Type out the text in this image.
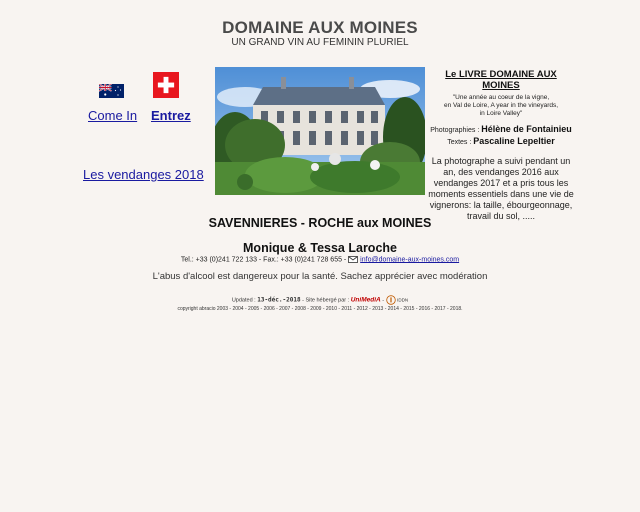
DOMAINE AUX MOINES
UN GRAND VIN AU FEMININ PLURIEL
Come In Entrez
Les vendanges 2018
Le LIVRE DOMAINE AUX MOINES
"Une année au coeur de la vigne,
en Val de Loire, A year in the vineyards,
in Loire Valley"
Photographies : Hélène de Fontainieu
Textes : Pascaline Lepeltier
La photographe a suivi pendant un an, des vendanges 2016 aux vendanges 2017 et a pris tous les moments essentiels dans une vie de vignerons: la taille, ébourgeonnage, travail du sol, .....
SAVENNIERES - ROCHE aux MOINES
Monique & Tessa Laroche
Tel.: +33 (0)241 722 133 - Fax.: +33 (0)241 728 655 -  info@domaine-aux-moines.com
L'abus d'alcool est dangereux pour la santé. Sachez apprécier avec modération
Updated : 13-déc.-2018 - Site hébergé par : UniMediA -	IDDN
copyright abracio 2003 - 2004 - 2005 - 2006 - 2007 - 2008 - 2009 - 2010 - 2011 - 2012 - 2013 - 2014 - 2015 - 2016 - 2017 - 2018.
